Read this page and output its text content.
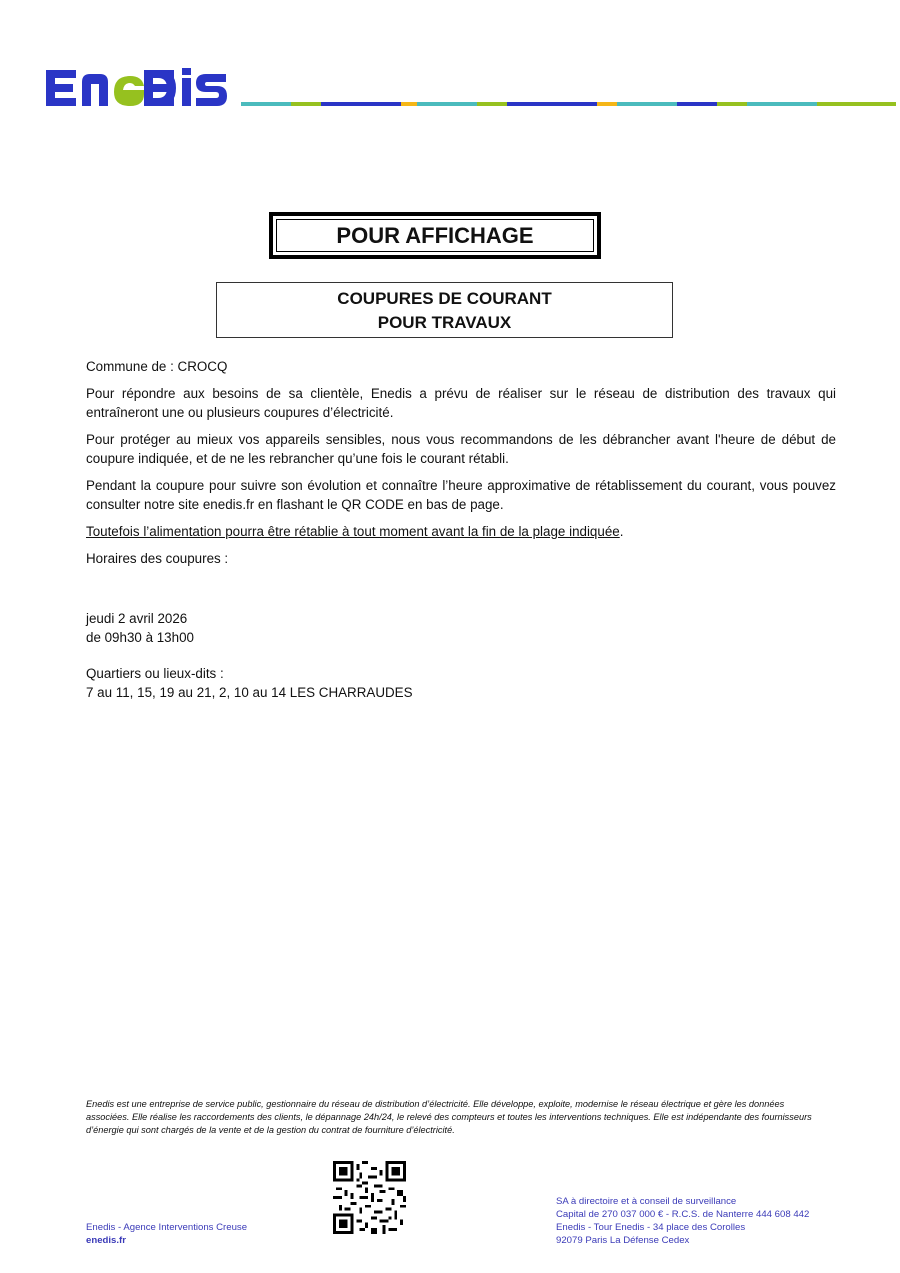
POUR AFFICHAGE
COUPURES DE COURANT
POUR TRAVAUX

Commune de : CROCQ

Pour répondre aux besoins de sa clientèle, Enedis a prévu de réaliser sur le réseau de distribution des travaux qui entraîneront une ou plusieurs coupures d’électricité.

Pour protéger au mieux vos appareils sensibles, nous vous recommandons de les débrancher avant l'heure de début de coupure indiquée, et de ne les rebrancher qu’une fois le courant rétabli.

Pendant la coupure pour suivre son évolution et connaître l’heure approximative de rétablissement du courant, vous pouvez consulter notre site enedis.fr en flashant le QR CODE en bas de page.

Toutefois l’alimentation pourra être rétablie à tout moment avant la fin de la plage indiquée.

Horaires des coupures :

jeudi 2 avril 2026
de 09h30 à 13h00
Quartiers ou lieux-dits :
7 au 11, 15, 19 au 21, 2, 10 au 14 LES CHARRAUDES
Enedis est une entreprise de service public, gestionnaire du réseau de distribution d’électricité. Elle développe, exploite, modernise le réseau électrique et gère les données associées. Elle réalise les raccordements des clients, le dépannage 24h/24, le relevé des compteurs et toutes les interventions techniques. Elle est indépendante des fournisseurs d’énergie qui sont chargés de la vente et de la gestion du contrat de fourniture d’électricité.
Enedis - Agence Interventions Creuse
enedis.fr
SA à directoire et à conseil de surveillance
Capital de 270 037 000 € - R.C.S. de Nanterre 444 608 442
Enedis - Tour Enedis - 34 place des Corolles
92079 Paris La Défense Cedex
